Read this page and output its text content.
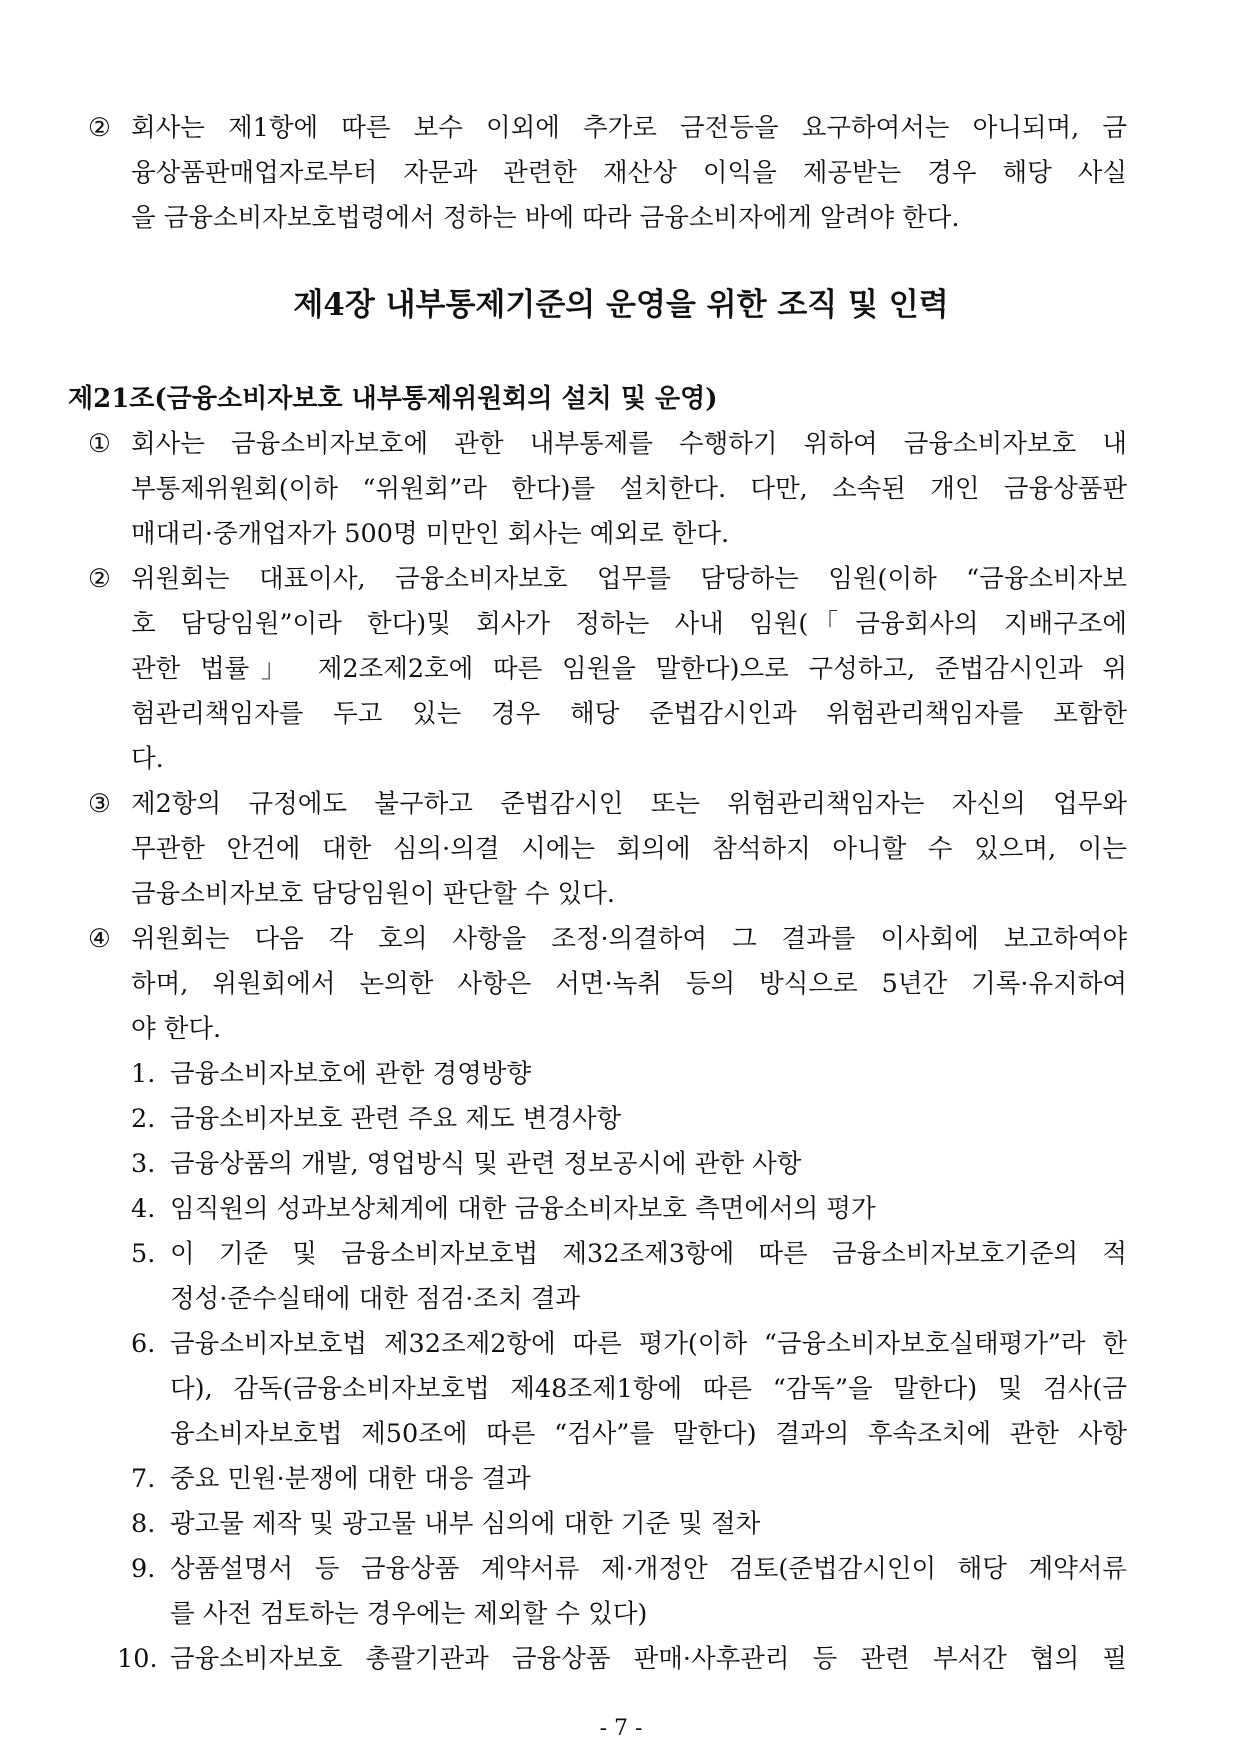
② 회사는 제1항에 따른 보수 이외에 추가로 금전등을 요구하여서는 아니되며, 금
융상품판매업자로부터 자문과 관련한 재산상 이익을 제공받는 경우 해당 사실
을 금융소비자보호법령에서 정하는 바에 따라 금융소비자에게 알려야 한다.
제4장 내부통제기준의 운영을 위한 조직 및 인력
제21조(금융소비자보호 내부통제위원회의 설치 및 운영)
① 회사는 금융소비자보호에 관한 내부통제를 수행하기 위하여 금융소비자보호 내
부통제위원회(이하 “위원회”라 한다)를 설치한다. 다만, 소속된 개인 금융상품판
매대리·중개업자가 500명 미만인 회사는 예외로 한다.
② 위원회는 대표이사, 금융소비자보호 업무를 담당하는 임원(이하 “금융소비자보
호 담당임원”이라 한다)및 회사가 정하는 사내 임원(「금융회사의 지배구조에
관한 법률」 제2조제2호에 따른 임원을 말한다)으로 구성하고, 준법감시인과 위
험관리책임자를 두고 있는 경우 해당 준법감시인과 위험관리책임자를 포함한
다.
③ 제2항의 규정에도 불구하고 준법감시인 또는 위험관리책임자는 자신의 업무와
무관한 안건에 대한 심의·의결 시에는 회의에 참석하지 아니할 수 있으며, 이는
금융소비자보호 담당임원이 판단할 수 있다.
④ 위원회는 다음 각 호의 사항을 조정·의결하여 그 결과를 이사회에 보고하여야
하며, 위원회에서 논의한 사항은 서면·녹취 등의 방식으로 5년간 기록·유지하여
야 한다.
1. 금융소비자보호에 관한 경영방향
2. 금융소비자보호 관련 주요 제도 변경사항
3. 금융상품의 개발, 영업방식 및 관련 정보공시에 관한 사항
4. 임직원의 성과보상체계에 대한 금융소비자보호 측면에서의 평가
5. 이 기준 및 금융소비자보호법 제32조제3항에 따른 금융소비자보호기준의 적
정성·준수실태에 대한 점검·조치 결과
6. 금융소비자보호법 제32조제2항에 따른 평가(이하 “금융소비자보호실태평가”라 한
다), 감독(금융소비자보호법 제48조제1항에 따른 “감독”을 말한다) 및 검사(금
융소비자보호법 제50조에 따른 “검사”를 말한다) 결과의 후속조치에 관한 사항
7. 중요 민원·분쟁에 대한 대응 결과
8. 광고물 제작 및 광고물 내부 심의에 대한 기준 및 절차
9. 상품설명서 등 금융상품 계약서류 제·개정안 검토(준법감시인이 해당 계약서류
를 사전 검토하는 경우에는 제외할 수 있다)
10. 금융소비자보호 총괄기관과 금융상품 판매·사후관리 등 관련 부서간 협의 필
- 7 -
